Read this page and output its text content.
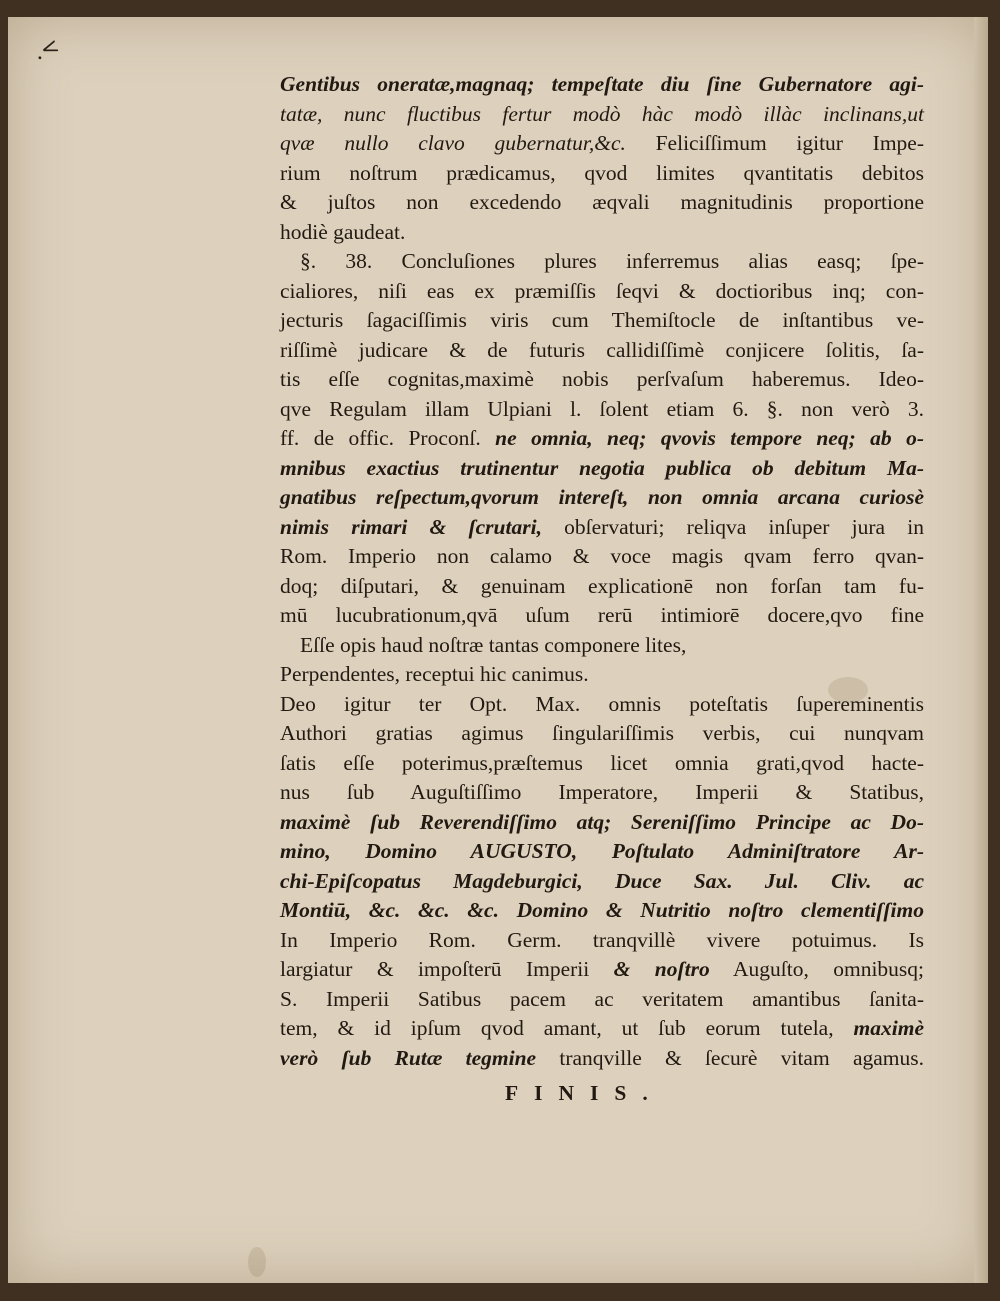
.<
Gentibus oneratæ,magnaq; tempeſtate diu ſine Gubernatore agi-
tatæ, nunc fluctibus fertur modò hàc modò illàc inclinans,ut
qvæ nullo clavo gubernatur,&c. Feliciſſimum igitur Impe-
rium noſtrum prædicamus, qvod limites qvantitatis debitos
& juſtos non excedendo æqvali magnitudinis proportione
hodiè gaudeat.
§. 38. Concluſiones plures inferremus alias easq; ſpe-
cialiores, niſi eas ex præmiſſis ſeqvi & doctioribus inq; con-
jecturis ſagaciſſimis viris cum Themiſtocle de inſtantibus ve-
riſſimè judicare & de futuris callidiſſimè conjicere ſolitis, ſa-
tis eſſe cognitas,maximè nobis perſvaſum haberemus. Ideo-
qve Regulam illam Ulpiani l. ſolent etiam 6. §. non verò 3.
ff. de offic. Proconſ. ne omnia, neq; qvovis tempore neq; ab o-
mnibus exactius trutinentur negotia publica ob debitum Ma-
gnatibus reſpectum,qvorum intereſt, non omnia arcana curiosè
nimis rimari & ſcrutari, obſervaturi; reliqva inſuper jura in
Rom. Imperio non calamo & voce magis qvam ferro qvan-
doq; diſputari, & genuinam explicationē non forſan tam fu-
mū lucubrationum,qvā uſum rerū intimiorē docere,qvo fine
Eſſe opis haud noſtræ tantas componere lites,
Perpendentes, receptui hic canimus.
Deo igitur ter Opt. Max. omnis poteſtatis ſupereminentis
Authori gratias agimus ſingulariſſimis verbis, cui nunqvam
ſatis eſſe poterimus,præſtemus licet omnia grati,qvod hacte-
nus ſub Auguſtiſſimo Imperatore, Imperii & Statibus,
maximè ſub Reverendiſſimo atq; Sereniſſimo Principe ac Do-
mino, Domino AUGUSTO, Poſtulato Adminiſtratore Ar-
chi-Epiſcopatus Magdeburgici, Duce Sax. Jul. Cliv. ac
Montiū, &c. &c. &c. Domino & Nutritio noſtro clementiſſimo
In Imperio Rom. Germ. tranqvillè vivere potuimus. Is
largiatur & impoſterū Imperii & noſtro Auguſto, omnibusq;
S. Imperii Satibus pacem ac veritatem amantibus ſanita-
tem, & id ipſum qvod amant, ut ſub eorum tutela, maximè
verò ſub Rutæ tegmine tranqville & ſecurè vitam agamus.
FINIS.
